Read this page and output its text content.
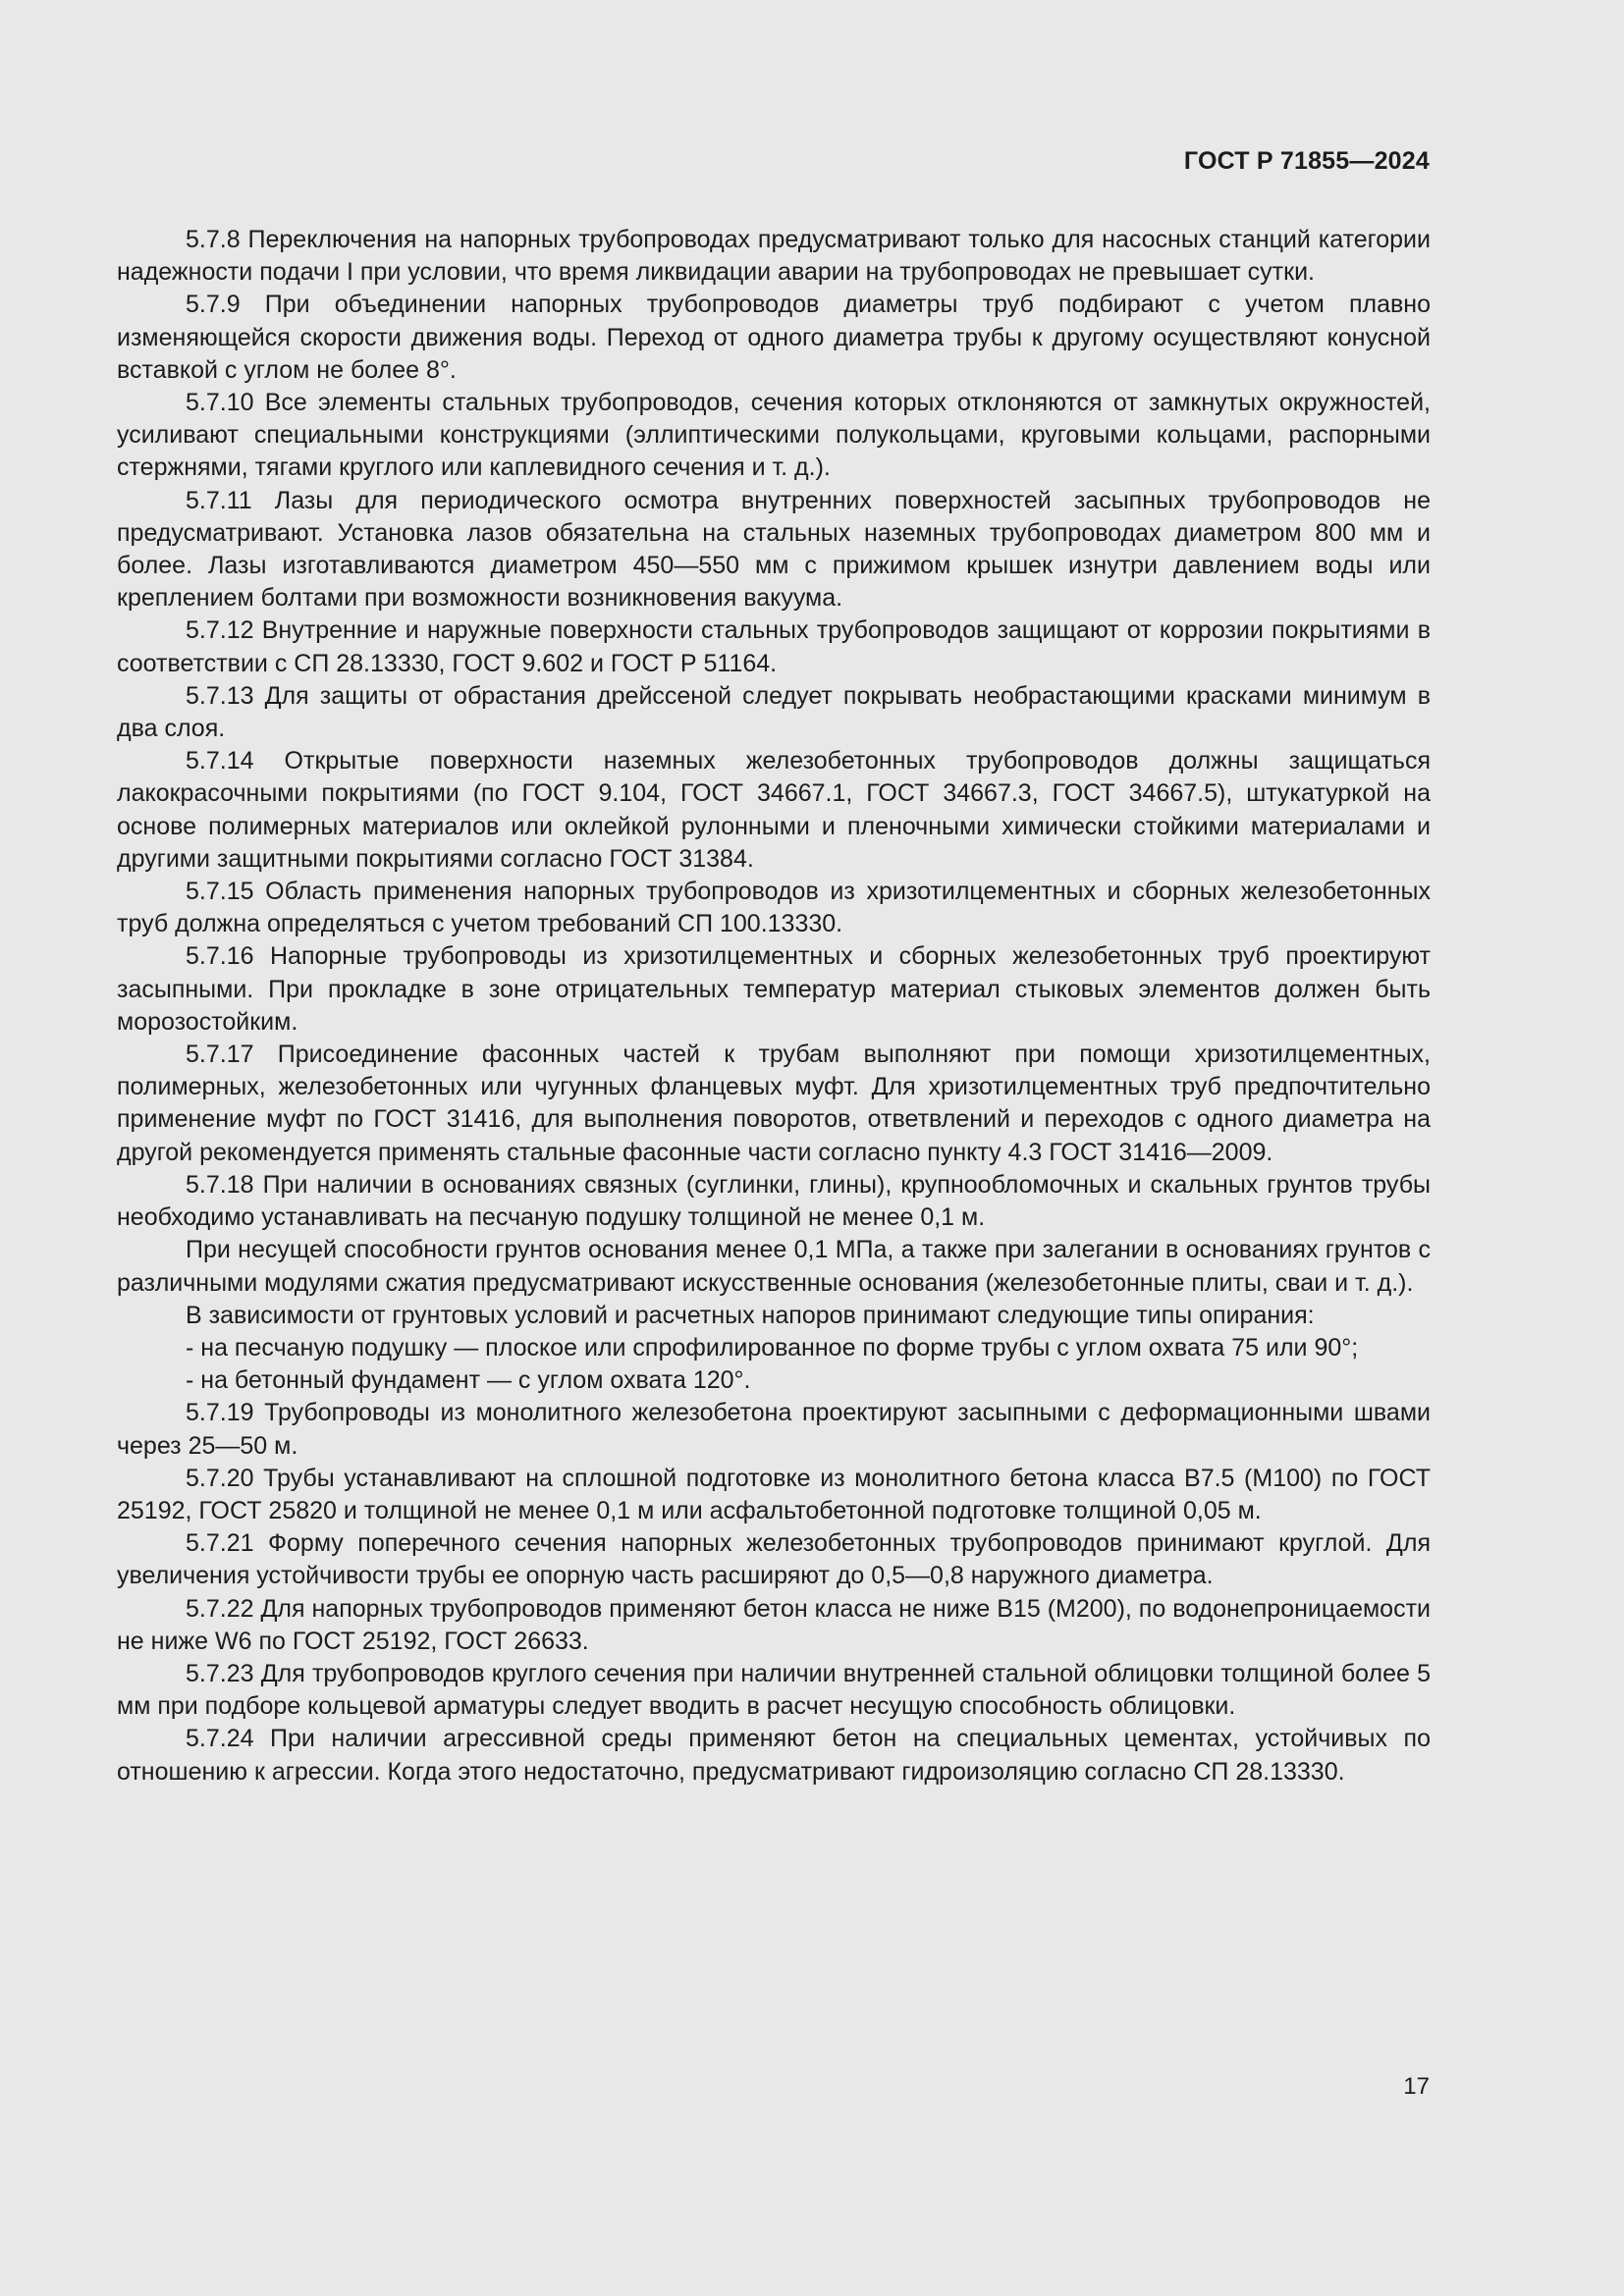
ГОСТ Р 71855—2024

5.7.8 Переключения на напорных трубопроводах предусматривают только для насосных станций категории надежности подачи I при условии, что время ликвидации аварии на трубопроводах не превышает сутки.

5.7.9 При объединении напорных трубопроводов диаметры труб подбирают с учетом плавно изменяющейся скорости движения воды. Переход от одного диаметра трубы к другому осуществляют конусной вставкой с углом не более 8°.

5.7.10 Все элементы стальных трубопроводов, сечения которых отклоняются от замкнутых окружностей, усиливают специальными конструкциями (эллиптическими полукольцами, круговыми кольцами, распорными стержнями, тягами круглого или каплевидного сечения и т. д.).

5.7.11 Лазы для периодического осмотра внутренних поверхностей засыпных трубопроводов не предусматривают. Установка лазов обязательна на стальных наземных трубопроводах диаметром 800 мм и более. Лазы изготавливаются диаметром 450—550 мм с прижимом крышек изнутри давлением воды или креплением болтами при возможности возникновения вакуума.

5.7.12 Внутренние и наружные поверхности стальных трубопроводов защищают от коррозии покрытиями в соответствии с СП 28.13330, ГОСТ 9.602 и ГОСТ Р 51164.

5.7.13 Для защиты от обрастания дрейссеной следует покрывать необрастающими красками минимум в два слоя.

5.7.14 Открытые поверхности наземных железобетонных трубопроводов должны защищаться лакокрасочными покрытиями (по ГОСТ 9.104, ГОСТ 34667.1, ГОСТ 34667.3, ГОСТ 34667.5), штукатуркой на основе полимерных материалов или оклейкой рулонными и пленочными химически стойкими материалами и другими защитными покрытиями согласно ГОСТ 31384.

5.7.15 Область применения напорных трубопроводов из хризотилцементных и сборных железобетонных труб должна определяться с учетом требований СП 100.13330.

5.7.16 Напорные трубопроводы из хризотилцементных и сборных железобетонных труб проектируют засыпными. При прокладке в зоне отрицательных температур материал стыковых элементов должен быть морозостойким.

5.7.17 Присоединение фасонных частей к трубам выполняют при помощи хризотилцементных, полимерных, железобетонных или чугунных фланцевых муфт. Для хризотилцементных труб предпочтительно применение муфт по ГОСТ 31416, для выполнения поворотов, ответвлений и переходов с одного диаметра на другой рекомендуется применять стальные фасонные части согласно пункту 4.3 ГОСТ 31416—2009.

5.7.18 При наличии в основаниях связных (суглинки, глины), крупнообломочных и скальных грунтов трубы необходимо устанавливать на песчаную подушку толщиной не менее 0,1 м.

При несущей способности грунтов основания менее 0,1 МПа, а также при залегании в основаниях грунтов с различными модулями сжатия предусматривают искусственные основания (железобетонные плиты, сваи и т. д.).

В зависимости от грунтовых условий и расчетных напоров принимают следующие типы опирания:

- на песчаную подушку — плоское или спрофилированное по форме трубы с углом охвата 75 или 90°;

- на бетонный фундамент — с углом охвата 120°.

5.7.19 Трубопроводы из монолитного железобетона проектируют засыпными с деформационными швами через 25—50 м.

5.7.20 Трубы устанавливают на сплошной подготовке из монолитного бетона класса В7.5 (М100) по ГОСТ 25192, ГОСТ 25820 и толщиной не менее 0,1 м или асфальтобетонной подготовке толщиной 0,05 м.

5.7.21 Форму поперечного сечения напорных железобетонных трубопроводов принимают круглой. Для увеличения устойчивости трубы ее опорную часть расширяют до 0,5—0,8 наружного диаметра.

5.7.22 Для напорных трубопроводов применяют бетон класса не ниже В15 (М200), по водонепроницаемости не ниже W6 по ГОСТ 25192, ГОСТ 26633.

5.7.23 Для трубопроводов круглого сечения при наличии внутренней стальной облицовки толщиной более 5 мм при подборе кольцевой арматуры следует вводить в расчет несущую способность облицовки.

5.7.24 При наличии агрессивной среды применяют бетон на специальных цементах, устойчивых по отношению к агрессии. Когда этого недостаточно, предусматривают гидроизоляцию согласно СП 28.13330.

17
